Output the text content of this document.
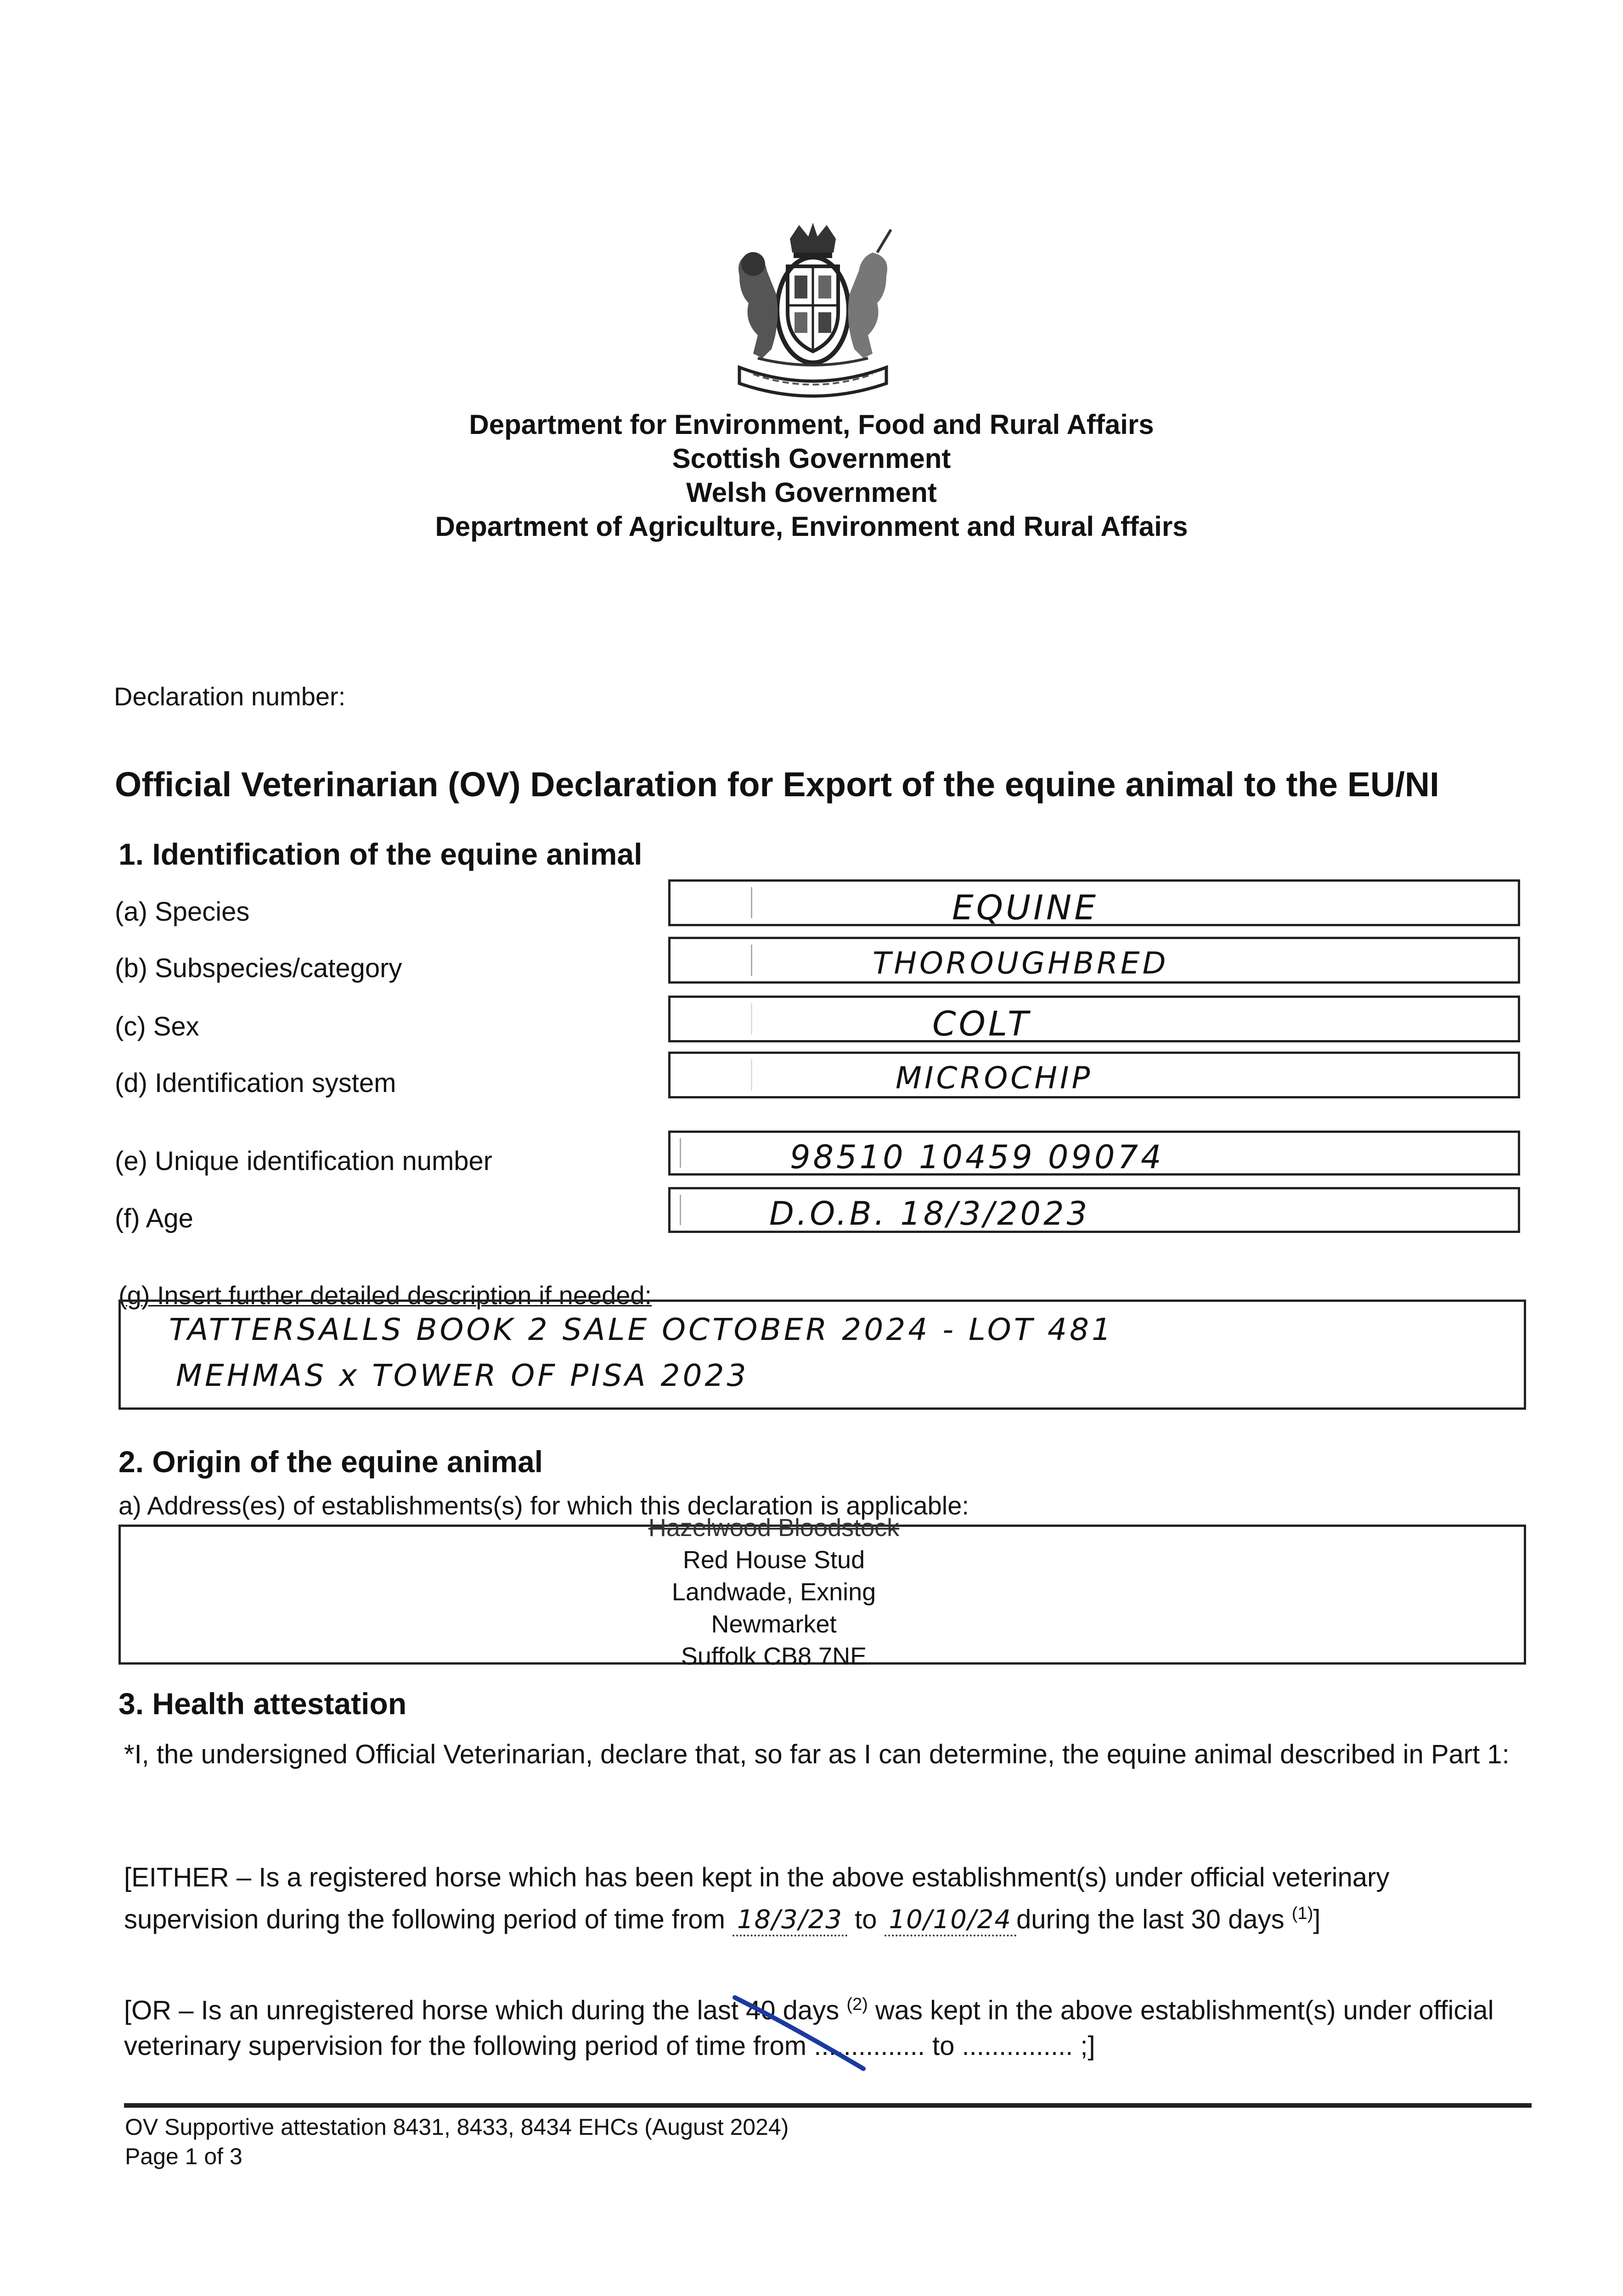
Department for Environment, Food and Rural Affairs
Scottish Government
Welsh Government
Department of Agriculture, Environment and Rural Affairs
Declaration number:
Official Veterinarian (OV) Declaration for Export of the equine animal to the EU/NI
1. Identification of the equine animal
(a) Species	EQUINE
(b) Subspecies/category	THOROUGHBRED
(c) Sex	COLT
(d) Identification system	MICROCHIP
(e) Unique identification number	98510 10459 09074
(f) Age	D.O.B. 18/3/2023
(g) Insert further detailed description if needed:
TATTERSALLS BOOK 2 SALE OCTOBER 2024 - LOT 481
MEHMAS x TOWER OF PISA 2023
2. Origin of the equine animal
a) Address(es) of establishments(s) for which this declaration is applicable:
Hazelwood Bloodstock
Red House Stud
Landwade, Exning
Newmarket
Suffolk CB8 7NE
3. Health attestation
*I, the undersigned Official Veterinarian, declare that, so far as I can determine, the equine animal described in Part 1:
[EITHER – Is a registered horse which has been kept in the above establishment(s) under official veterinary
supervision during the following period of time from 18/3/23 to 10/10/24 during the last 30 days $^{(1)}$]
[OR – Is an unregistered horse which during the last 40 days $^{(2)}$ was kept in the above establishment(s) under official
veterinary supervision for the following period of time from ............... to ............... ;]
OV Supportive attestation 8431, 8433, 8434 EHCs (August 2024)
Page 1 of 3
